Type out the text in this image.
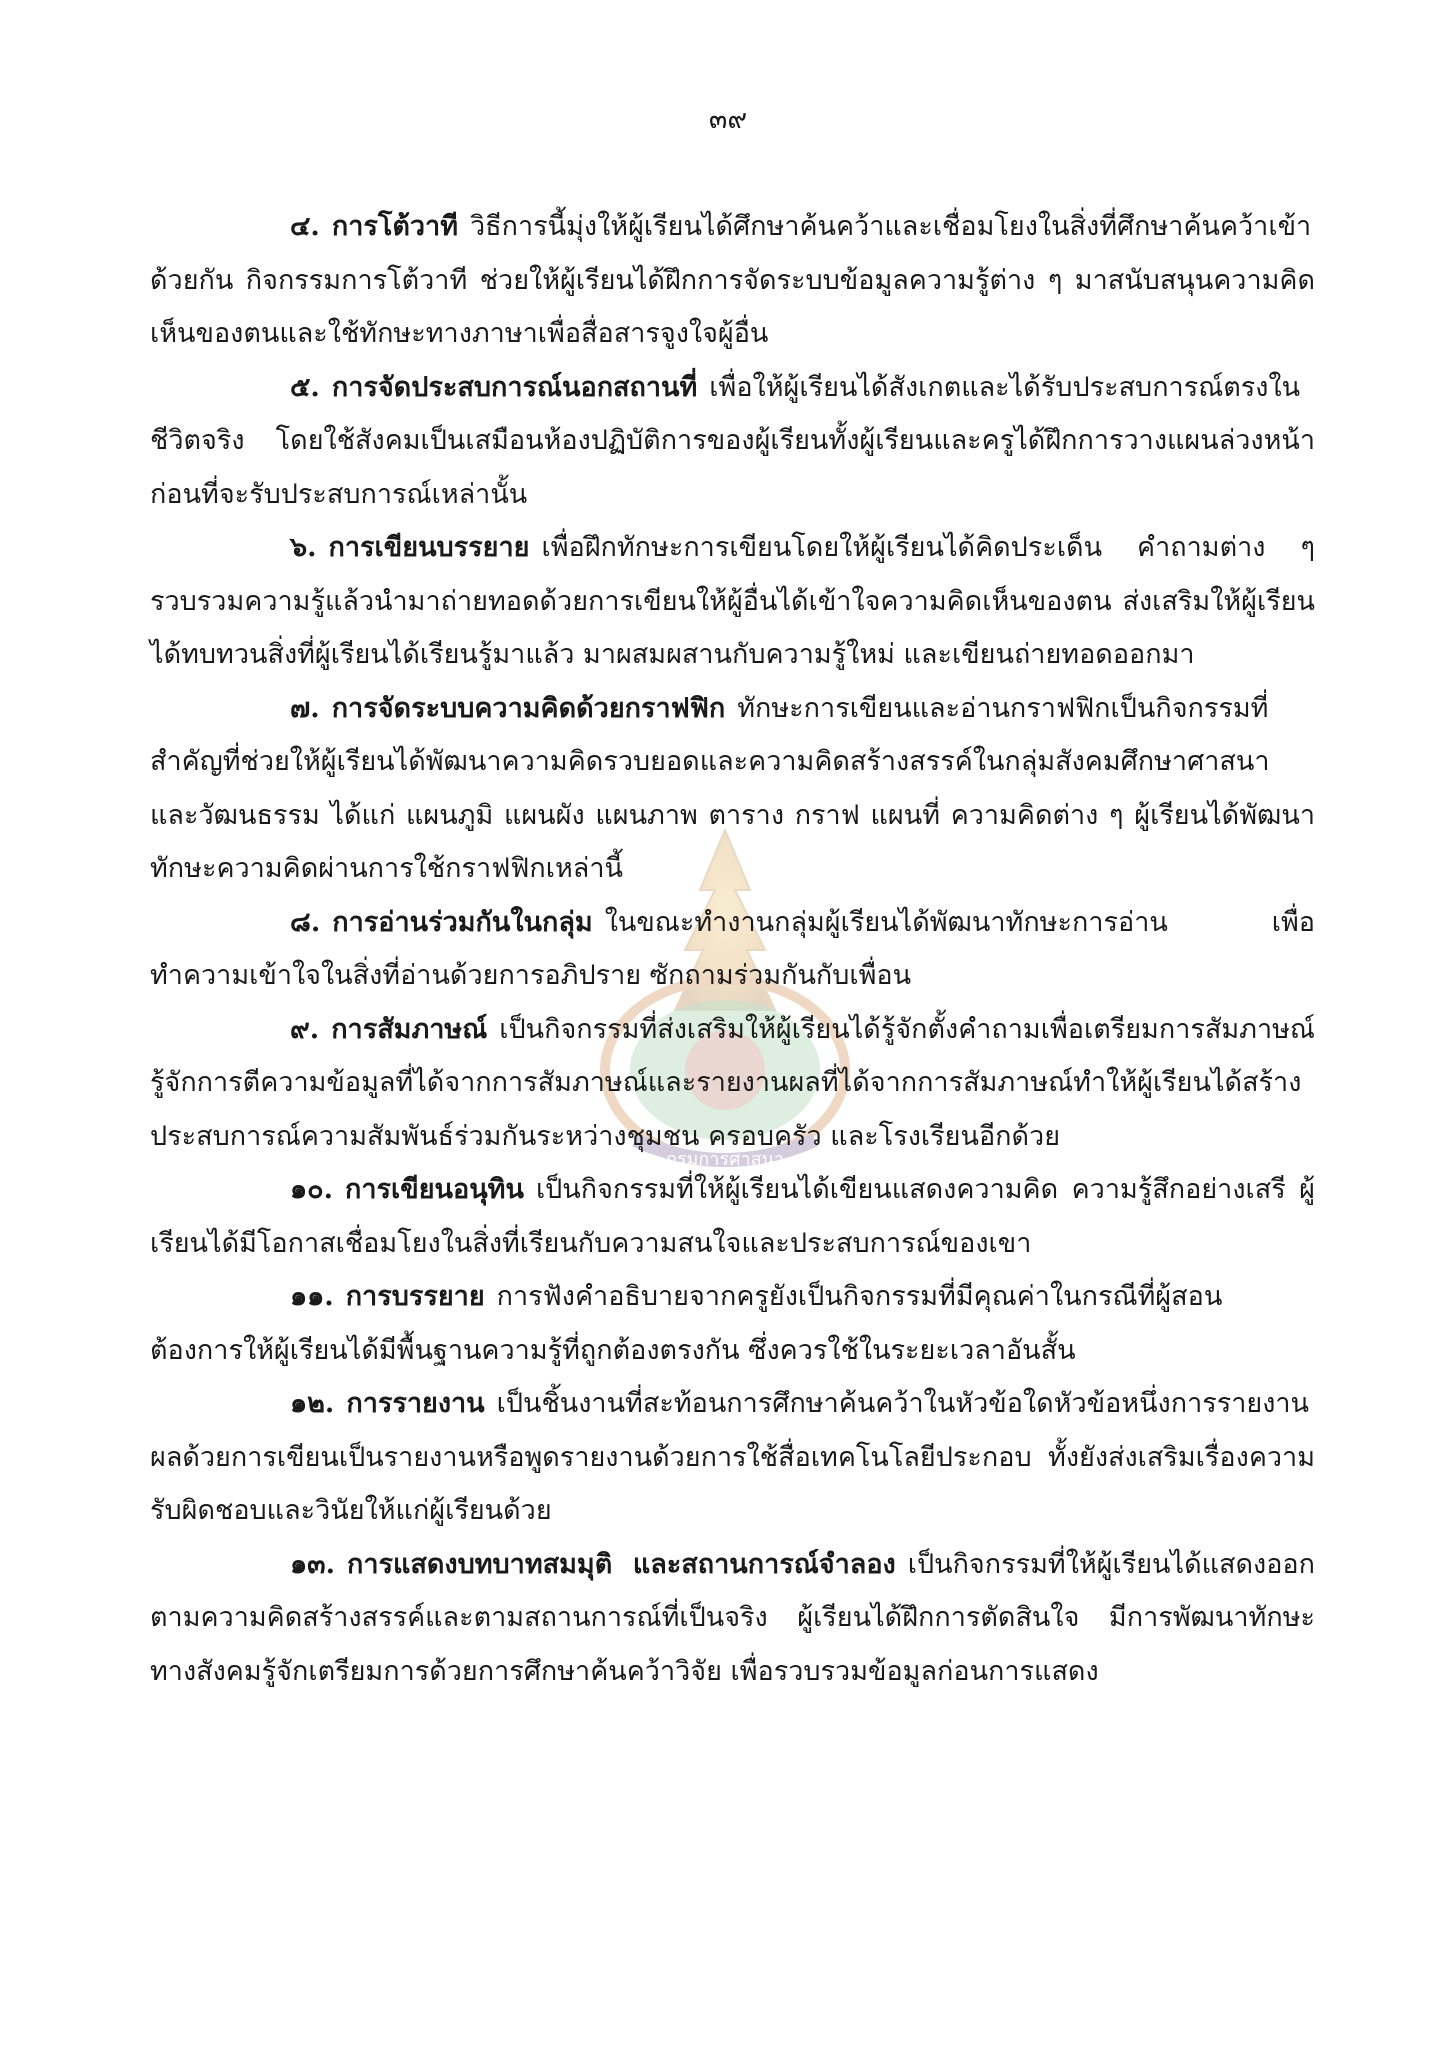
๓๙
กรมการศาสนา

๔. การโต้วาที วิธีการนี้มุ่งให้ผู้เรียนได้ศึกษาค้นคว้าและเชื่อมโยงในสิ่งที่ศึกษาค้นคว้าเข้าด้วยกัน กิจกรรมการโต้วาที ช่วยให้ผู้เรียนได้ฝึกการจัดระบบข้อมูลความรู้ต่าง ๆ มาสนับสนุนความคิดเห็นของตนและใช้ทักษะทางภาษาเพื่อสื่อสารจูงใจผู้อื่น

๕. การจัดประสบการณ์นอกสถานที่ เพื่อให้ผู้เรียนได้สังเกตและได้รับประสบการณ์ตรงในชีวิตจริง โดยใช้สังคมเป็นเสมือนห้องปฏิบัติการของผู้เรียนทั้งผู้เรียนและครูได้ฝึกการวางแผนล่วงหน้าก่อนที่จะรับประสบการณ์เหล่านั้น

๖. การเขียนบรรยาย เพื่อฝึกทักษะการเขียนโดยให้ผู้เรียนได้คิดประเด็น คำถามต่าง ๆ รวบรวมความรู้แล้วนำมาถ่ายทอดด้วยการเขียนให้ผู้อื่นได้เข้าใจความคิดเห็นของตน ส่งเสริมให้ผู้เรียนได้ทบทวนสิ่งที่ผู้เรียนได้เรียนรู้มาแล้ว มาผสมผสานกับความรู้ใหม่ และเขียนถ่ายทอดออกมา

๗. การจัดระบบความคิดด้วยกราฟฟิก ทักษะการเขียนและอ่านกราฟฟิกเป็นกิจกรรมที่สำคัญที่ช่วยให้ผู้เรียนได้พัฒนาความคิดรวบยอดและความคิดสร้างสรรค์ในกลุ่มสังคมศึกษาศาสนาและวัฒนธรรม ได้แก่ แผนภูมิ แผนผัง แผนภาพ ตาราง กราฟ แผนที่ ความคิดต่าง ๆ ผู้เรียนได้พัฒนาทักษะความคิดผ่านการใช้กราฟฟิกเหล่านี้

๘. การอ่านร่วมกันในกลุ่ม ในขณะทำงานกลุ่มผู้เรียนได้พัฒนาทักษะการอ่าน เพื่อทำความเข้าใจในสิ่งที่อ่านด้วยการอภิปราย ซักถามร่วมกันกับเพื่อน

๙. การสัมภาษณ์ เป็นกิจกรรมที่ส่งเสริมให้ผู้เรียนได้รู้จักตั้งคำถามเพื่อเตรียมการสัมภาษณ์ รู้จักการตีความข้อมูลที่ได้จากการสัมภาษณ์และรายงานผลที่ได้จากการสัมภาษณ์ทำให้ผู้เรียนได้สร้างประสบการณ์ความสัมพันธ์ร่วมกันระหว่างชุมชน ครอบครัว และโรงเรียนอีกด้วย

๑๐. การเขียนอนุทิน เป็นกิจกรรมที่ให้ผู้เรียนได้เขียนแสดงความคิด ความรู้สึกอย่างเสรี ผู้เรียนได้มีโอกาสเชื่อมโยงในสิ่งที่เรียนกับความสนใจและประสบการณ์ของเขา

๑๑. การบรรยาย การฟังคำอธิบายจากครูยังเป็นกิจกรรมที่มีคุณค่าในกรณีที่ผู้สอนต้องการให้ผู้เรียนได้มีพื้นฐานความรู้ที่ถูกต้องตรงกัน ซึ่งควรใช้ในระยะเวลาอันสั้น

๑๒. การรายงาน เป็นชิ้นงานที่สะท้อนการศึกษาค้นคว้าในหัวข้อใดหัวข้อหนึ่งการรายงานผลด้วยการเขียนเป็นรายงานหรือพูดรายงานด้วยการใช้สื่อเทคโนโลยีประกอบ ทั้งยังส่งเสริมเรื่องความรับผิดชอบและวินัยให้แก่ผู้เรียนด้วย

๑๓. การแสดงบทบาทสมมุติ และสถานการณ์จำลอง เป็นกิจกรรมที่ให้ผู้เรียนได้แสดงออกตามความคิดสร้างสรรค์และตามสถานการณ์ที่เป็นจริง ผู้เรียนได้ฝึกการตัดสินใจ มีการพัฒนาทักษะทางสังคมรู้จักเตรียมการด้วยการศึกษาค้นคว้าวิจัย เพื่อรวบรวมข้อมูลก่อนการแสดง
